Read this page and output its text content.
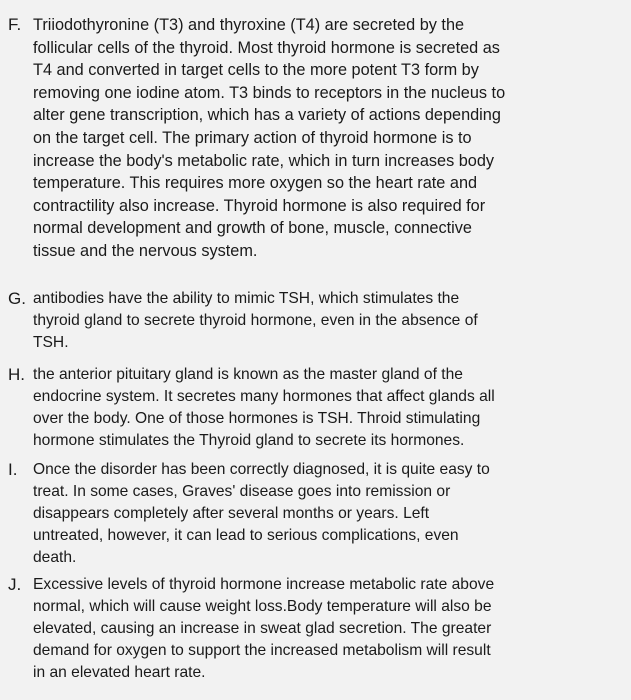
F. Triiodothyronine (T3) and thyroxine (T4) are secreted by the
follicular cells of the thyroid. Most thyroid hormone is secreted as
T4 and converted in target cells to the more potent T3 form by
removing one iodine atom. T3 binds to receptors in the nucleus to
alter gene transcription, which has a variety of actions depending
on the target cell. The primary action of thyroid hormone is to
increase the body's metabolic rate, which in turn increases body
temperature. This requires more oxygen so the heart rate and
contractility also increase. Thyroid hormone is also required for
normal development and growth of bone, muscle, connective
tissue and the nervous system.
G. antibodies have the ability to mimic TSH, which stimulates the
thyroid gland to secrete thyroid hormone, even in the absence of
TSH.
H. the anterior pituitary gland is known as the master gland of the
endocrine system. It secretes many hormones that affect glands all
over the body. One of those hormones is TSH. Throid stimulating
hormone stimulates the Thyroid gland to secrete its hormones.
I. Once the disorder has been correctly diagnosed, it is quite easy to
treat. In some cases, Graves' disease goes into remission or
disappears completely after several months or years. Left
untreated, however, it can lead to serious complications, even
death.
J. Excessive levels of thyroid hormone increase metabolic rate above
normal, which will cause weight loss.Body temperature will also be
elevated, causing an increase in sweat glad secretion. The greater
demand for oxygen to support the increased metabolism will result
in an elevated heart rate.
